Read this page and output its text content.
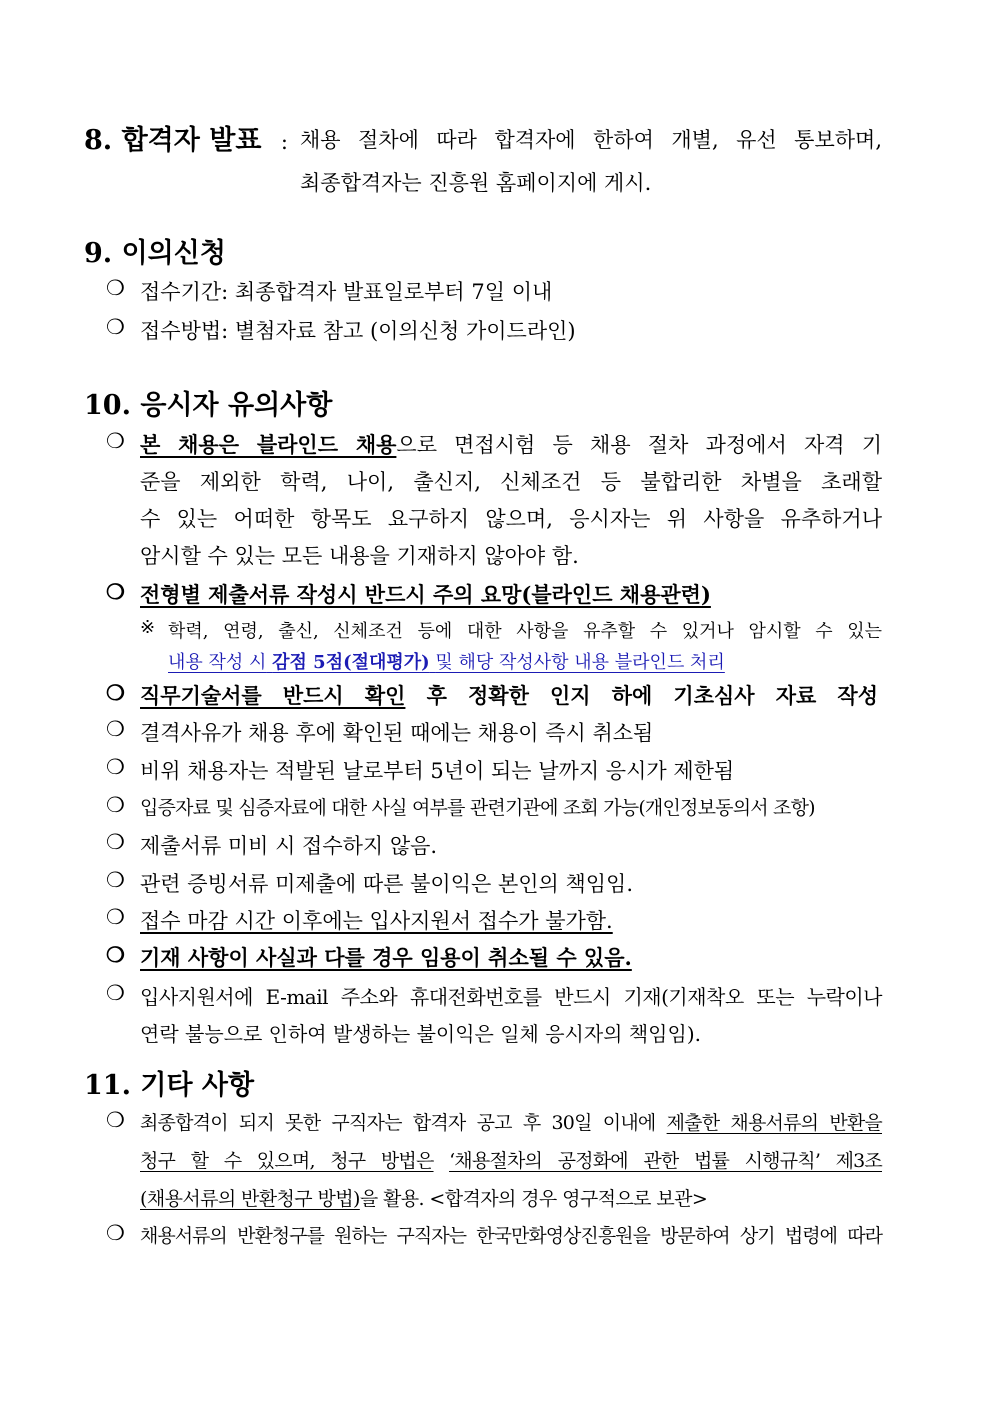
8. 합격자 발표 : 채용 절차에 따라 합격자에 한하여 개별, 유선 통보하며,
최종합격자는 진흥원 홈페이지에 게시.
9. 이의신청
❍ 접수기간: 최종합격자 발표일로부터 7일 이내
❍ 접수방법: 별첨자료 참고 (이의신청 가이드라인)
10. 응시자 유의사항
❍ 본 채용은 블라인드 채용으로 면접시험 등 채용 절차 과정에서 자격 기
준을 제외한 학력, 나이, 출신지, 신체조건 등 불합리한 차별을 초래할
수 있는 어떠한 항목도 요구하지 않으며, 응시자는 위 사항을 유추하거나
암시할 수 있는 모든 내용을 기재하지 않아야 함.
❍ 전형별 제출서류 작성시 반드시 주의 요망(블라인드 채용관련)
※ 학력, 연령, 출신, 신체조건 등에 대한 사항을 유추할 수 있거나 암시할 수 있는
내용 작성 시 감점 5점(절대평가) 및 해당 작성사항 내용 블라인드 처리
❍ 직무기술서를 반드시 확인 후 정확한 인지 하에 기초심사 자료 작성
❍ 결격사유가 채용 후에 확인된 때에는 채용이 즉시 취소됨
❍ 비위 채용자는 적발된 날로부터 5년이 되는 날까지 응시가 제한됨
❍ 입증자료 및 심증자료에 대한 사실 여부를 관련기관에 조회 가능(개인정보동의서 조항)
❍ 제출서류 미비 시 접수하지 않음.
❍ 관련 증빙서류 미제출에 따른 불이익은 본인의 책임임.
❍ 접수 마감 시간 이후에는 입사지원서 접수가 불가함.
❍ 기재 사항이 사실과 다를 경우 임용이 취소될 수 있음.
❍ 입사지원서에 E-mail 주소와 휴대전화번호를 반드시 기재(기재착오 또는 누락이나
연락 불능으로 인하여 발생하는 불이익은 일체 응시자의 책임임).
11. 기타 사항
❍ 최종합격이 되지 못한 구직자는 합격자 공고 후 30일 이내에 제출한 채용서류의 반환을
청구 할 수 있으며, 청구 방법은 ‘채용절차의 공정화에 관한 법률 시행규칙’ 제3조
(채용서류의 반환청구 방법)을 활용. <합격자의 경우 영구적으로 보관>
❍ 채용서류의 반환청구를 원하는 구직자는 한국만화영상진흥원을 방문하여 상기 법령에 따라
